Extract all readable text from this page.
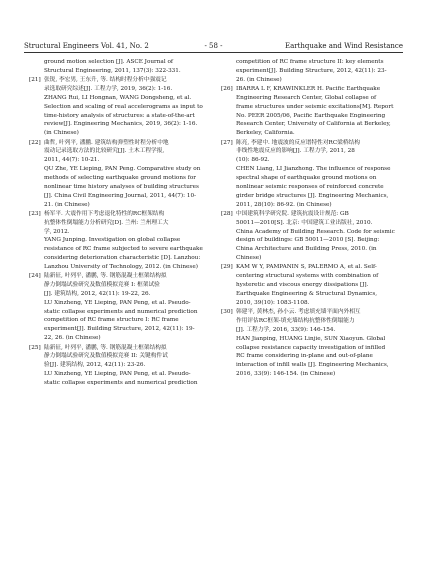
Structural Engineers Vol. 41, No. 2	- 58 -	Earthquake and Wind Resistance
ground motion selection [J]. ASCE Journal of
Structural Engineering, 2011, 137(3): 322-331.
[21] 张锐, 李宏男, 王东升, 等. 结构时程分析中强震记
录选取研究综述[J]. 工程力学, 2019, 36(2): 1-16.
ZHANG Rui, LI Hongnan, WANG Dongsheng, et al.
Selection and scaling of real accelerograms as input to
time-history analysis of structures: a state-of-the-art
review[J]. Engineering Mechanics, 2019, 36(2): 1-16.
(in Chinese)
[22] 曲哲, 叶列平, 潘鹏. 建筑结构弹塑性时程分析中地
震动记录选取方法的比较研究[J]. 土木工程学报,
2011, 44(7): 10-21.
QU Zhe, YE Lieping, PAN Peng. Comparative study on
methods of selecting earthquake ground motions for
nonlinear time history analyses of building structures
[J]. China Civil Engineering Journal, 2011, 44(7): 10-
21. (in Chinese)
[23] 杨军平. 大震作用下考虑退化特性的RC框架结构
抗整体性倒塌能力分析研究[D]. 兰州: 兰州理工大
学, 2012.
YANG Junping. Investigation on global collapse
resistance of RC frame subjected to severe earthquake
considering deterioration characteristic [D]. Lanzhou:
Lanzhou University of Technology, 2012. (in Chinese)
[24] 陆新征, 叶列平, 潘鹏, 等. 钢筋混凝土框架结构拟
静力倒塌试验研究及数值模拟竞赛 I: 框架试验
[J]. 建筑结构, 2012, 42(11): 19-22, 26.
LU Xinzheng, YE Lieping, PAN Peng, et al. Pseudo-
static collapse experiments and numerical prediction
competition of RC frame structure I: RC frame
experiment[J]. Building Structure, 2012, 42(11): 19-
22, 26. (in Chinese)
[25] 陆新征, 叶列平, 潘鹏, 等. 钢筋混凝土框架结构拟
静力倒塌试验研究及数值模拟竞赛 II: 关键构件试
验[J]. 建筑结构, 2012, 42(11): 23-26.
LU Xinzheng, YE Lieping, PAN Peng, et al. Pseudo-
static collapse experiments and numerical prediction
competition of RC frame structure II: key elements
experiment[J]. Building Structure, 2012, 42(11): 23-
26. (in Chinese)
[26] IBARRA L F, KRAWINKLER H. Pacific Earthquake
Engineering Research Center, Global collapse of
frame structures under seismic excitations[M]. Report
No. PEER 2005/06, Pacific Earthquake Engineering
Research Center, University of California at Berkeley,
Berkeley, California.
[27] 陈亮, 李建中. 地震波的反应谱特性对RC梁桥结构
非线性地震反应的影响[J]. 工程力学, 2011, 28
(10): 86-92.
CHEN Liang, LI Jianzhong. The influence of response
spectral shape of earthquake ground motions on
nonlinear seismic responses of reinforced concrete
girder bridge structures [J]. Engineering Mechanics,
2011, 28(10): 86-92. (in Chinese)
[28] 中国建筑科学研究院. 建筑抗震设计规范: GB
50011—2010[S]. 北京: 中国建筑工业出版社, 2010.
China Academy of Building Research. Code for seismic
design of buildings: GB 50011—2010 [S]. Beijing:
China Architecture and Building Press, 2010. (in
Chinese)
[29] KAM W Y, PAMPANIN S, PALERMO A, et al. Self-
centering structural systems with combination of
hysteretic and viscous energy dissipations [J].
Earthquake Engineering & Structural Dynamics,
2010, 39(10): 1083-1108.
[30] 韩建平, 黄林杰, 孙小云. 考虑填充墙平面内外相互
作用评估RC框架-填充墙结构抗整体性倒塌能力
[J]. 工程力学, 2016, 33(9): 146-154.
HAN Jianping, HUANG Linjie, SUN Xiaoyun. Global
collapse resistance capacity investigation of infilled
RC frame considering in-plane and out-of-plane
interaction of infill walls [J]. Engineering Mechanics,
2016, 33(9): 146-154. (in Chinese)
